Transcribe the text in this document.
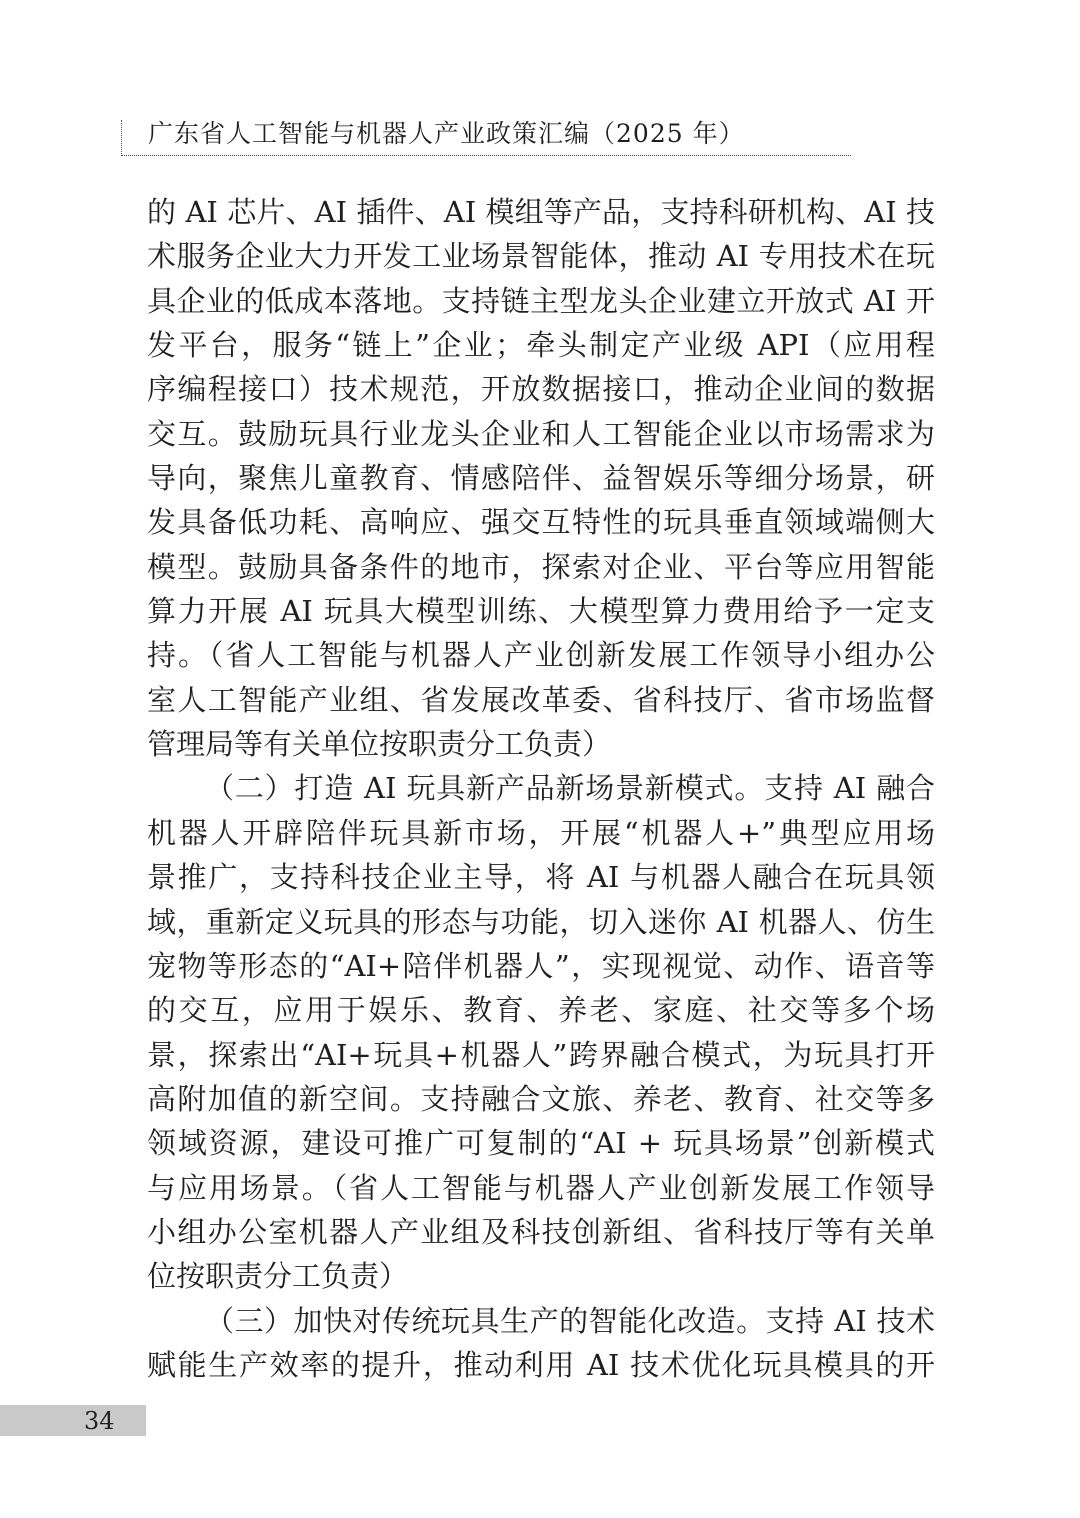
广东省人工智能与机器人产业政策汇编（2025 年）
的 AI 芯片、AI 插件、AI 模组等产品，支持科研机构、AI 技
术服务企业大力开发工业场景智能体，推动 AI 专用技术在玩
具企业的低成本落地。支持链主型龙头企业建立开放式 AI 开
发平台，服务“链上”企业；牵头制定产业级 API（应用程
序编程接口）技术规范，开放数据接口，推动企业间的数据
交互。鼓励玩具行业龙头企业和人工智能企业以市场需求为
导向，聚焦儿童教育、情感陪伴、益智娱乐等细分场景，研
发具备低功耗、高响应、强交互特性的玩具垂直领域端侧大
模型。鼓励具备条件的地市，探索对企业、平台等应用智能
算力开展 AI 玩具大模型训练、大模型算力费用给予一定支
持。（省人工智能与机器人产业创新发展工作领导小组办公
室人工智能产业组、省发展改革委、省科技厅、省市场监督
管理局等有关单位按职责分工负责）
（二）打造 AI 玩具新产品新场景新模式。支持 AI 融合
机器人开辟陪伴玩具新市场，开展“机器人+”典型应用场
景推广，支持科技企业主导，将 AI 与机器人融合在玩具领
域，重新定义玩具的形态与功能，切入迷你 AI 机器人、仿生
宠物等形态的“AI+陪伴机器人”，实现视觉、动作、语音等
的交互，应用于娱乐、教育、养老、家庭、社交等多个场
景，探索出“AI+玩具+机器人”跨界融合模式，为玩具打开
高附加值的新空间。支持融合文旅、养老、教育、社交等多
领域资源，建设可推广可复制的“AI + 玩具场景”创新模式
与应用场景。（省人工智能与机器人产业创新发展工作领导
小组办公室机器人产业组及科技创新组、省科技厅等有关单
位按职责分工负责）
（三）加快对传统玩具生产的智能化改造。支持 AI 技术
赋能生产效率的提升，推动利用 AI 技术优化玩具模具的开
34
